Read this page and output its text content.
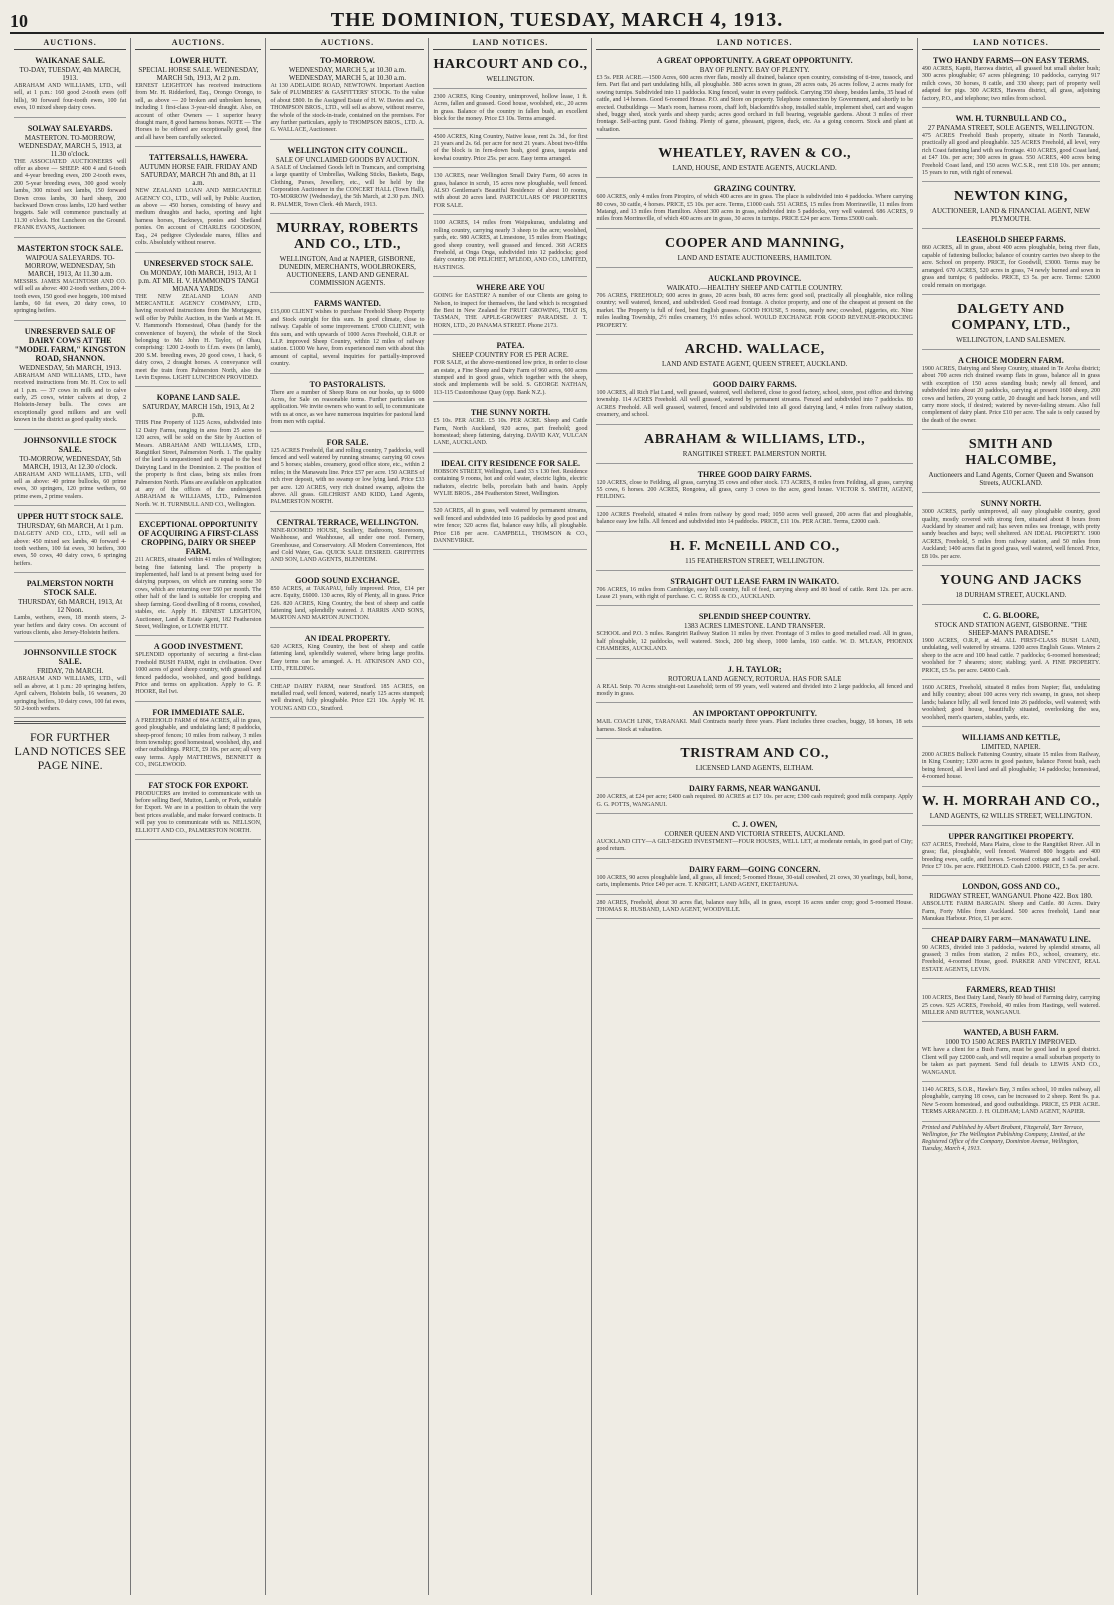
10	THE DOMINION, TUESDAY, MARCH 4, 1913.
AUCTIONS.
WAIKANAE SALE.
TO-DAY, TUESDAY, 4th MARCH, 1913.
ABRAHAM AND WILLIAMS, LTD., will sell, at 1 p.m.: 160 good 2-tooth ewes (off hills), 90 forward four-tooth ewes, 100 fat ewes, 10 mixed sheep dairy cows.
SOLWAY SALEYARDS.
MASTERTON. TO-MORROW, WEDNESDAY, MARCH 5, 1913, at 11.30 o'clock.
THE ASSOCIATED AUCTIONEERS will offer as above — SHEEP: 400 4 and 6-tooth and 4-year breeding ewes, 200 2-tooth ewes, 200 5-year breeding ewes, 300 good wooly lambs, 300 mixed sex lambs, 150 forward Down cross lambs, 30 hard sheep, 200 backward Down cross lambs, 120 hard wether hoggets. Sale will commence punctually at 11.30 o'clock. Hot Luncheon on the Ground. FRANK EVANS, Auctioneer.
MASTERTON STOCK SALE.
WAIPOUA SALEYARDS. TO-MORROW, WEDNESDAY, 5th MARCH, 1913, At 11.30 a.m.
MESSRS. JAMES MACINTOSH AND CO. will sell as above: 400 2-tooth wethers, 200 4-tooth ewes, 150 good ewe hoggets, 100 mixed lambs, 60 fat ewes, 20 dairy cows, 10 springing heifers.
UNRESERVED SALE OF DAIRY COWS AT THE "MODEL FARM," KINGSTON ROAD, SHANNON.
WEDNESDAY, 5th MARCH, 1913.
ABRAHAM AND WILLIAMS, LTD., have received instructions from Mr. H. Cox to sell at 1 p.m. — 37 cows in milk and to calve early, 25 cows, winter calvers at drop, 2 Holstein-Jersey bulls. The cows are exceptionally good milkers and are well known in the district as good quality stock.
JOHNSONVILLE STOCK SALE.
TO-MORROW, WEDNESDAY, 5th MARCH, 1913, At 12.30 o'clock.
ABRAHAM AND WILLIAMS, LTD., will sell as above: 40 prime bullocks, 60 prime ewes, 30 springers, 120 prime wethers, 60 prime ewes, 2 prime vealers.
UPPER HUTT STOCK SALE.
THURSDAY, 6th MARCH, At 1 p.m.
DALGETY AND CO., LTD., will sell as above: 450 mixed sex lambs, 40 forward 4-tooth wethers, 100 fat ewes, 30 heifers, 300 ewes, 50 cows, 40 dairy cows, 6 springing heifers.
PALMERSTON NORTH STOCK SALE.
THURSDAY, 6th MARCH, 1913, At 12 Noon.
Lambs, wethers, ewes, 18 month steers, 2-year heifers and dairy cows. On account of various clients, also Jersey-Holstein heifers.
JOHNSONVILLE STOCK SALE.
FRIDAY, 7th MARCH.
ABRAHAM AND WILLIAMS, LTD., will sell as above, at 1 p.m.: 20 springing heifers, April calvers, Holstein bulls, 16 weaners, 20 springing heifers, 10 dairy cows, 100 fat ewes, 50 2-tooth wethers.
FOR FURTHER LAND NOTICES SEE PAGE NINE.
AUCTIONS.
LOWER HUTT.
SPECIAL HORSE SALE. WEDNESDAY, MARCH 5th, 1913, At 2 p.m.
ERNEST LEIGHTON has received instructions from Mr. H. Ridderford, Esq., Orongo Orongo, to sell, as above — 20 broken and unbroken horses, including 1 first-class 3-year-old draught. Also, on account of other Owners — 1 superior heavy draught mare, 8 good harness horses. NOTE — The Horses to be offered are exceptionally good, fine and all have been carefully selected.
TATTERSALLS, HAWERA.
AUTUMN HORSE FAIR. FRIDAY AND SATURDAY, MARCH 7th and 8th, at 11 a.m.
NEW ZEALAND LOAN AND MERCANTILE AGENCY CO., LTD., will sell, by Public Auction, as above — 450 horses, consisting of heavy and medium draughts and hacks, sporting and light harness horses, Hackneys, ponies and Shetland ponies. On account of CHARLES GOODSON, Esq., 24 pedigree Clydesdale mares, fillies and colts. Absolutely without reserve.
UNRESERVED STOCK SALE.
On MONDAY, 10th MARCH, 1913, At 1 p.m. AT MR. H. V. HAMMOND'S TANGI MOANA YARDS.
THE NEW ZEALAND LOAN AND MERCANTILE AGENCY COMPANY, LTD., having received instructions from the Mortgagees, will offer by Public Auction, in the Yards at Mr. H. V. Hammond's Homestead, Ohau (handy for the convenience of buyers), the whole of the Stock belonging to Mr. John H. Taylor, of Ohau, comprising: 1200 2-tooth to f.f.m. ewes (in lamb), 200 S.M. breeding ewes, 20 good cows, 1 hack, 6 dairy cows, 2 draught horses. A conveyance will meet the train from Palmerston North, also the Levin Express. LIGHT LUNCHEON PROVIDED.
KOPANE LAND SALE.
SATURDAY, MARCH 15th, 1913, At 2 p.m.
THIS Fine Property of 1125 Acres, subdivided into 12 Dairy Farms, ranging in area from 25 acres to 120 acres, will be sold on the Site by Auction of Messrs. ABRAHAM AND WILLIAMS, LTD., Rangitikei Street, Palmerston North. 1. The quality of the land is unquestioned and is equal to the best Dairying Land in the Dominion. 2. The position of the property is first class, being six miles from Palmerston North. Plans are available on application at any of the offices of the undersigned. ABRAHAM & WILLIAMS, LTD., Palmerston North. W. H. TURNBULL AND CO., Wellington.
EXCEPTIONAL OPPORTUNITY OF ACQUIRING A FIRST-CLASS CROPPING, DAIRY OR SHEEP FARM.
211 ACRES, situated within 41 miles of Wellington; being fine fattening land. The property is implemented, half land is at present being used for dairying purposes, on which are running some 30 cows, which are returning over £60 per month. The other half of the land is suitable for cropping and sheep farming. Good dwelling of 8 rooms, cowshed, stables, etc. Apply H. ERNEST LEIGHTON, Auctioneer, Land & Estate Agent, 182 Featherston Street, Wellington, or LOWER HUTT.
A GOOD INVESTMENT.
SPLENDID opportunity of securing a first-class Freehold BUSH FARM, right in civilisation. Over 1000 acres of good sheep country, with grassed and fenced paddocks, woolshed, and good buildings. Price and terms on application. Apply to G. P. HOORE, Rel Iwi.
FOR IMMEDIATE SALE.
A FREEHOLD FARM of 864 ACRES, all in grass, good ploughable, and undulating land; 8 paddocks, sheep-proof fences; 10 miles from railway, 3 miles from township; good homestead, woolshed, dip, and other outbuildings. PRICE, £9 10s. per acre; all very easy terms. Apply MATTHEWS, BENNETT & CO., INGLEWOOD.
FAT STOCK FOR EXPORT.
PRODUCERS are invited to communicate with us before selling Beef, Mutton, Lamb, or Pork, suitable for Export. We are in a position to obtain the very best prices available, and make forward contracts. It will pay you to communicate with us. NELLSON, ELLIOTT AND CO., PALMERSTON NORTH.
AUCTIONS.
TO-MORROW.
WEDNESDAY, MARCH 5, at 10.30 a.m. WEDNESDAY, MARCH 5, at 10.30 a.m.
At 130 ADELAIDE ROAD, NEWTOWN. Important Auction Sale of PLUMBERS' & GASFITTERS' STOCK. To the value of about £800. In the Assigned Estate of H. W. Davies and Co. THOMPSON BROS., LTD., will sell as above, without reserve, the whole of the stock-in-trade, contained on the premises. For any further particulars, apply to THOMPSON BROS., LTD. A. G. WALLACE, Auctioneer.
WELLINGTON CITY COUNCIL.
SALE OF UNCLAIMED GOODS BY AUCTION.
A SALE of Unclaimed Goods left in Tramcars, and comprising a large quantity of Umbrellas, Walking Sticks, Baskets, Bags, Clothing, Purses, Jewellery, etc., will be held by the Corporation Auctioneer in the CONCERT HALL (Town Hall), TO-MORROW (Wednesday), the 5th March, at 2.30 p.m. JNO. R. PALMER, Town Clerk. 4th March, 1913.
MURRAY, ROBERTS AND CO., LTD.,
WELLINGTON, And at NAPIER, GISBORNE, DUNEDIN, MERCHANTS, WOOLBROKERS, AUCTIONEERS, LAND AND GENERAL COMMISSION AGENTS.
FARMS WANTED.
£15,000 CLIENT wishes to purchase Freehold Sheep Property and Stock outright for this sum. In good climate, close to railway. Capable of some improvement. £7000 CLIENT, with this sum, and with upwards of 1000 Acres Freehold, O.R.P. or L.I.P. improved Sheep Country, within 12 miles of railway station. £1000 We have, from experienced men with about this amount of capital, several inquiries for partially-improved country.
TO PASTORALISTS.
There are a number of Sheep Runs on our books, up to 6000 Acres, for Sale on reasonable terms. Further particulars on application. We invite owners who want to sell, to communicate with us at once, as we have numerous inquiries for pastoral land from men with capital.
FOR SALE.
125 ACRES Freehold, flat and rolling country, 7 paddocks, well fenced and well watered by running streams; carrying 60 cows and 5 horses; stables, creamery, good office store, etc., within 2 miles; in the Manawatu line. Price £57 per acre. 150 ACRES of rich river deposit, with no swamp or low lying land. Price £33 per acre. 120 ACRES, very rich drained swamp, adjoins the above. All grass. GILCHRIST AND KIDD, Land Agents, PALMERSTON NORTH.
CENTRAL TERRACE, WELLINGTON.
NINE-ROOMED HOUSE, Scullery, Bathroom, Storeroom, Washhouse, and Washhouse, all under one roof. Fernery, Greenhouse, and Conservatory. All Modern Conveniences, Hot and Cold Water, Gas. QUICK SALE DESIRED. GRIFFITHS AND SON, LAND AGENTS, BLENHEIM.
GOOD SOUND EXCHANGE.
850 ACRES, at TAKAPAU, fully improved. Price, £14 per acre. Equity, £6000. 130 acres, Rly of Plenty, all in grass. Price £26. 820 ACRES, King Country, the best of sheep and cattle fattening land, splendidly watered. J. HARRIS AND SONS, MARTON AND MARTON JUNCTION.
AN IDEAL PROPERTY.
620 ACRES, King Country, the best of sheep and cattle fattening land, splendidly watered, where bring large profits. Easy terms can be arranged. A. H. ATKINSON AND CO., LTD., FEILDING.
CHEAP DAIRY FARM, near Stratford. 185 ACRES, on metalled road, well fenced, watered, nearly 125 acres stumped; well drained, fully ploughable. Price £21 10s. Apply W. H. YOUNG AND CO., Stratford.
LAND NOTICES.
HARCOURT AND CO.,
WELLINGTON.
2300 ACRES, King Country, unimproved, hollow lease, 1 ft. Acres, fallen and grassed. Good house, woolshed, etc., 20 acres in grass. Balance of the country in fallen bush, an excellent block for the money. Price £3 10s. Terms arranged.
4500 ACRES, King Country, Native lease, rent 2s. 3d., for first 21 years and 2s. 6d. per acre for next 21 years. About two-fifths of the block is in fern-down bush, good grass, taupata and kowhai country. Price 25s. per acre. Easy terms arranged.
130 ACRES, near Wellington Small Dairy Farm, 60 acres in grass, balance in scrub, 15 acres now ploughable, well fenced. ALSO Gentleman's Beautiful Residence of about 10 rooms, with about 20 acres land. PARTICULARS OF PROPERTIES FOR SALE.
1100 ACRES, 14 miles from Waipukurau, undulating and rolling country, carrying nearly 3 sheep to the acre; woolshed, yards, etc. 980 ACRES, at Limestone, 15 miles from Hastings; good sheep country, well grassed and fenced. 368 ACRES Freehold, at Onga Onga, subdivided into 12 paddocks; good dairy country. DE PELICHET, M'LEOD, AND CO., LIMITED, HASTINGS.
WHERE ARE YOU
GOING for EASTER? A number of our Clients are going to Nelson, to inspect for themselves, the land which is recognised the Best in New Zealand for FRUIT GROWING, THAT IS, TASMAN, THE APPLE-GROWERS' PARADISE. J. T. HORN, LTD., 20 PANAMA STREET. Phone 2173.
PATEA.
SHEEP COUNTRY FOR £5 PER ACRE.
FOR SALE, at the above-mentioned low price, in order to close an estate, a Fine Sheep and Dairy Farm of 960 acres, 600 acres stumped and in good grass, which together with the sheep, stock and implements will be sold. S. GEORGE NATHAN, 113-115 Customhouse Quay (opp. Bank N.Z.).
THE SUNNY NORTH.
£5 10s. PER ACRE. £5 10s. PER ACRE. Sheep and Cattle Farm, North Auckland, 920 acres, part freehold; good homestead; sheep fattening, dairying. DAVID KAY, VULCAN LANE, AUCKLAND.
IDEAL CITY RESIDENCE FOR SALE.
HOBSON STREET, Wellington, Land 33 x 130 feet. Residence containing 9 rooms, hot and cold water, electric lights, electric radiators, electric bells, porcelain bath and basin. Apply WYLIE BROS., 284 Featherston Street, Wellington.
520 ACRES, all in grass, well watered by permanent streams, well fenced and subdivided into 16 paddocks by good post and wire fence; 320 acres flat, balance easy hills, all ploughable. Price £18 per acre. CAMPBELL, THOMSON & CO., DANNEVIRKE.
LAND NOTICES.
A GREAT OPPORTUNITY. A GREAT OPPORTUNITY.
BAY OF PLENTY. BAY OF PLENTY.
£3 5s. PER ACRE.—1500 Acres, 600 acres river flats, mostly all drained, balance open country, consisting of ti-tree, tussock, and fern. Part flat and part undulating hills, all ploughable. 380 acres sown in grass, 28 acres oats, 26 acres follow, 2 acres ready for sowing turnips. Subdivided into 11 paddocks. King fenced, water in every paddock. Carrying 350 sheep, besides lambs, 35 head of cattle, and 14 horses. Good 6-roomed House. P.O. and Store on property. Telephone connection by Government, and shortly to be erected. Outbuildings — Man's room, harness room, chaff loft, blacksmith's shop, installed stable, implement shed, cart and wagon shed, buggy shed, stock yards and sheep yards; acres good orchard in full bearing, vegetable gardens. About 3 miles of river frontage. Self-acting punt. Good fishing. Plenty of game, pheasant, pigeon, duck, etc. As a going concern. Stock and plant at valuation.
WHEATLEY, RAVEN & CO.,
LAND, HOUSE, AND ESTATE AGENTS, AUCKLAND.
GRAZING COUNTRY.
600 ACRES, only 4 miles from Piropiro, of which 400 acres are in grass. The place is subdivided into 4 paddocks. Where carrying 80 cows, 30 cattle, 4 horses. PRICE, £5 10s. per acre. Terms, £1000 cash. 551 ACRES, 15 miles from Morrinsville, 11 miles from Matangi, and 13 miles from Hamilton. About 300 acres in grass, subdivided into 5 paddocks, very well watered. 686 ACRES, 9 miles from Morrinsville, of which 400 acres are in grass, 30 acres in turnips. PRICE £24 per acre. Terms £5000 cash.
COOPER AND MANNING,
LAND AND ESTATE AUCTIONEERS, HAMILTON.
AUCKLAND PROVINCE.
WAIKATO.—HEALTHY SHEEP AND CATTLE COUNTRY.
706 ACRES, FREEHOLD; 600 acres in grass, 20 acres bush, 80 acres fern: good soil, practically all ploughable, nice rolling country; well watered, fenced, and subdivided. Good road frontage. A choice property, and one of the cheapest at present on the market. The Property is full of feed, best English grasses. GOOD HOUSE, 5 rooms, nearly new; cowshed, piggeries, etc. Nine miles leading Township, 2½ miles creamery, 1½ miles school. WOULD EXCHANGE FOR GOOD REVENUE-PRODUCING PROPERTY.
ARCHD. WALLACE,
LAND AND ESTATE AGENT, QUEEN STREET, AUCKLAND.
GOOD DAIRY FARMS.
100 ACRES, all Rich Flat Land, well grassed, watered, well sheltered, close to good factory, school, store, post office and thriving township. 114 ACRES Freehold. All well grassed, watered by permanent streams. Fenced and subdivided into 7 paddocks. 80 ACRES Freehold. All well grassed, watered, fenced and subdivided into all good dairying land, 4 miles from railway station, creamery, and school.
ABRAHAM & WILLIAMS, LTD.,
RANGITIKEI STREET. PALMERSTON NORTH.
THREE GOOD DAIRY FARMS.
120 ACRES, close to Feilding, all grass, carrying 35 cows and other stock. 173 ACRES, 8 miles from Feilding, all grass, carrying 55 cows, 6 horses. 200 ACRES, Rongotea, all grass, carry 3 cows to the acre, good house. VICTOR S. SMITH, AGENT, FEILDING.
1200 ACRES Freehold, situated 4 miles from railway by good road; 1050 acres well grassed, 200 acres flat and ploughable, balance easy low hills. All fenced and subdivided into 14 paddocks. PRICE, £11 10s. PER ACRE. Terms, £2000 cash.
H. F. McNEILL AND CO.,
115 FEATHERSTON STREET, WELLINGTON.
STRAIGHT OUT LEASE FARM IN WAIKATO.
706 ACRES, 16 miles from Cambridge, easy hill country, full of feed, carrying sheep and 80 head of cattle. Rent 12s. per acre. Lease 21 years, with right of purchase. C. C. ROSS & CO., AUCKLAND.
SPLENDID SHEEP COUNTRY.
1383 ACRES LIMESTONE. LAND TRANSFER.
SCHOOL and P.O. 3 miles. Rangiriri Railway Station 11 miles by river. Frontage of 3 miles to good metalled road. All in grass, half ploughable, 12 paddocks, well watered. Stock, 200 big sheep, 1000 lambs, 160 cattle. W. D. M'LEAN, PHOENIX CHAMBERS, AUCKLAND.
J. H. TAYLOR;
ROTORUA LAND AGENCY, ROTORUA. HAS FOR SALE
A REAL Snip. 70 Acres straight-out Leasehold; term of 99 years, well watered and divided into 2 large paddocks, all fenced and mostly in grass.
AN IMPORTANT OPPORTUNITY.
MAIL COACH LINK, TARANAKI. Mail Contracts nearly three years. Plant includes three coaches, buggy, 18 horses, 18 sets harness. Stock at valuation.
TRISTRAM AND CO.,
LICENSED LAND AGENTS, ELTHAM.
DAIRY FARMS, NEAR WANGANUI.
200 ACRES, at £24 per acre; £400 cash required. 80 ACRES at £17 10s. per acre; £300 cash required; good milk company. Apply G. G. POTTS, WANGANUI.
C. J. OWEN,
CORNER QUEEN AND VICTORIA STREETS, AUCKLAND.
AUCKLAND CITY—A GILT-EDGED INVESTMENT—FOUR HOUSES, WELL LET, at moderate rentals, in good part of City; good return.
DAIRY FARM—GOING CONCERN.
100 ACRES, 90 acres ploughable land, all grass, all fenced; 5-roomed House, 30-stall cowshed, 21 cows, 30 yearlings, bull, horse, carts, implements. Price £40 per acre. T. KNIGHT, LAND AGENT, EKETAHUNA.
280 ACRES, Freehold, about 30 acres flat, balance easy hills, all in grass, except 16 acres under crop; good 5-roomed House. THOMAS R. HUSBAND, LAND AGENT, WOODVILLE.
LAND NOTICES.
TWO HANDY FARMS—ON EASY TERMS.
490 ACRES, Kapiti, Harowa district, all grassed but small shelter bush; 300 acres ploughable; 67 acres phlegming; 10 paddocks, carrying 917 milch cows, 30 horses, 8 cattle, and 330 sheep; part of property well adapted for pigs. 300 ACRES, Hawera district, all grass, adjoining factory, P.O., and telephone; two miles from school.
WM. H. TURNBULL AND CO.,
27 PANAMA STREET, SOLE AGENTS, WELLINGTON.
475 ACRES Freehold Bush property, situate in North Taranaki, practically all good and ploughable. 325 ACRES Freehold, all level, very rich Coast fattening land with sea frontage. 410 ACRES, good Coast land, at £47 10s. per acre; 300 acres in grass. 550 ACRES, 400 acres being Freehold Coast land, and 150 acres W.C.S.R., rent £18 10s. per annum; 15 years to run, with right of renewal.
NEWTON KING,
AUCTIONEER, LAND & FINANCIAL AGENT, NEW PLYMOUTH.
LEASEHOLD SHEEP FARMS.
860 ACRES, all in grass, about 400 acres ploughable, being river flats, capable of fattening bullocks; balance of country carries two sheep to the acre. School on property. PRICE, for Goodwill, £3000. Terms may be arranged. 670 ACRES, 520 acres in grass, 74 newly burned and sown in grass and turnips; 6 paddocks. PRICE, £3 5s. per acre. Terms: £2000 could remain on mortgage.
DALGETY AND COMPANY, LTD.,
WELLINGTON, LAND SALESMEN.
A CHOICE MODERN FARM.
1900 ACRES, Dairying and Sheep Country, situated in Te Aroha district; about 700 acres rich drained swamp flats in grass, balance all in grass with exception of 150 acres standing bush; newly all fenced, and subdivided into about 20 paddocks, carrying at present 1600 sheep, 200 cows and heifers, 20 young cattle, 20 draught and hack horses, and will carry more stock, if desired; watered by never-failing stream. Also full complement of dairy plant. Price £10 per acre. The sale is only caused by the death of the owner.
SMITH AND HALCOMBE,
Auctioneers and Land Agents, Corner Queen and Swanson Streets, AUCKLAND.
SUNNY NORTH.
3000 ACRES, partly unimproved, all easy ploughable country, good quality, mostly covered with strong fern, situated about 8 hours from Auckland by steamer and rail; has seven miles sea frontage, with pretty sandy beaches and bays; well sheltered. AN IDEAL PROPERTY. 1900 ACRES, Freehold, 5 miles from railway station, and 50 miles from Auckland; 1400 acres flat in good grass, well watered, well fenced. Price, £8 10s. per acre.
YOUNG AND JACKS
18 DURHAM STREET, AUCKLAND.
C. G. BLOORE,
STOCK AND STATION AGENT, GISBORNE. "THE SHEEP-MAN'S PARADISE."
1900 ACRES, O.R.P., at 4d. ALL FIRST-CLASS BUSH LAND, undulating, well watered by streams. 1200 acres English Grass. Winters 2 sheep to the acre and 100 head cattle. 7 paddocks; 6-roomed homestead; woolshed for 7 shearers; store; stabling; yard. A FINE PROPERTY. PRICE, £5 5s. per acre. £4000 Cash.
1600 ACRES, Freehold, situated 8 miles from Napier; flat, undulating and hilly country; about 100 acres very rich swamp, in grass, not sheep lands; balance hilly; all well fenced into 26 paddocks, well watered; with woolshed; good house, beautifully situated, overlooking the sea, woolshed, men's quarters, stables, yards, etc.
WILLIAMS AND KETTLE,
LIMITED, NAPIER.
2000 ACRES Bullock Fattening Country, situate 15 miles from Railway, in King Country; 1200 acres in good pasture, balance Forest bush, each being fenced, all level land and all ploughable; 14 paddocks; homestead, 4-roomed house.
W. H. MORRAH AND CO.,
LAND AGENTS, 62 WILLIS STREET, WELLINGTON.
UPPER RANGITIKEI PROPERTY.
637 ACRES, Freehold, Mara Plains, close to the Rangitikei River. All in grass; flat, ploughable, well fenced. Watered 800 hoggets and 400 breeding ewes, cattle, and horses. 5-roomed cottage and 5 stall cowbail. Price £7 10s. per acre. FREEHOLD. Cash £2000. PRICE, £3 5s. per acre.
LONDON, GOSS AND CO.,
RIDGWAY STREET, WANGANUI. Phone 422. Box 180.
ABSOLUTE FARM BARGAIN. Sheep and Cattle. 80 Acres. Dairy Farm, Forty Miles from Auckland. 500 acres freehold, Land near Manukau Harbour. Price, £1 per acre.
CHEAP DAIRY FARM—MANAWATU LINE.
90 ACRES, divided into 3 paddocks, watered by splendid streams, all grassed; 3 miles from station, 2 miles P.O., school, creamery, etc. Freehold, 4-roomed House, good. PARKER AND VINCENT, REAL ESTATE AGENTS, LEVIN.
FARMERS, READ THIS!
100 ACRES, Best Dairy Land, Nearly 80 head of Farming dairy, carrying 25 cows. 925 ACRES, Freehold, 40 miles from Hastings, well watered. MILLER AND RUTTER, WANGANUI.
WANTED, A BUSH FARM.
1000 TO 1500 ACRES PARTLY IMPROVED.
WE have a client for a Bush Farm, must be good land in good district. Client will pay £2000 cash, and will require a small suburban property to be taken as part payment. Send full details to LEWIS AND CO., WANGANUI.
1140 ACRES, S.O.R., Hawke's Bay, 3 miles school, 10 miles railway, all ploughable, carrying 18 cows, can be increased to 2 sheep. Rent 9s. p.a. New 5-room homestead, and good outbuildings. PRICE, £5 PER ACRE. TERMS ARRANGED. J. H. OLDHAM; LAND AGENT, NAPIER.
Printed and Published by Albert Brabant, Fitzgerald, Tarr Terrace, Wellington, for The Wellington Publishing Company, Limited, at the Registered Office of the Company, Dominion Avenue, Wellington, Tuesday, March 4, 1913.
